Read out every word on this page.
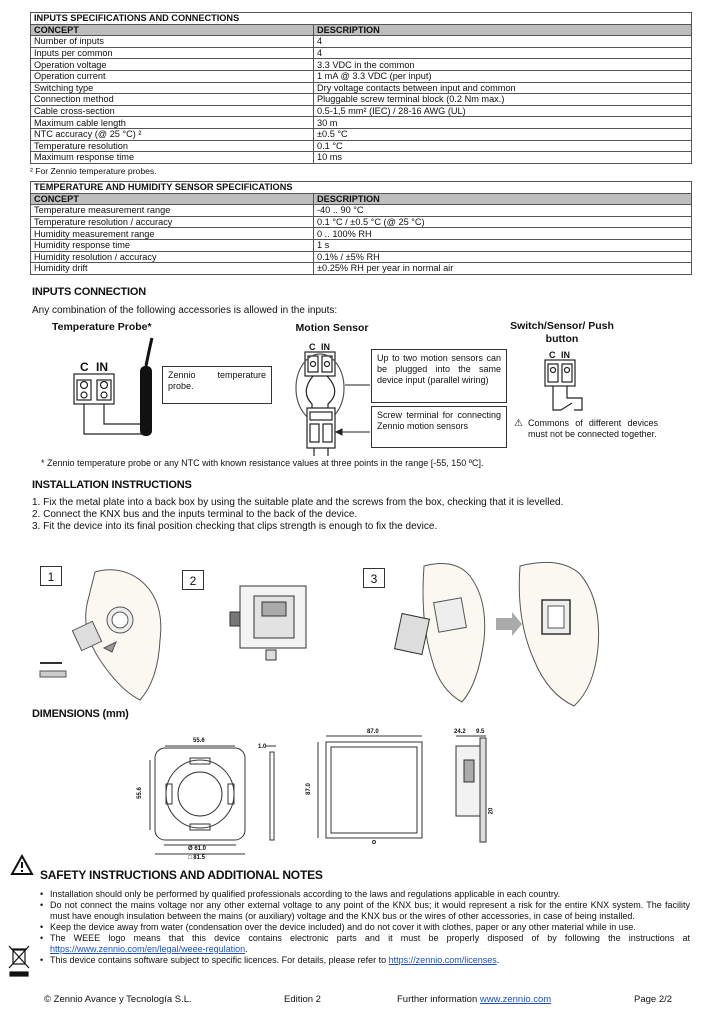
INPUTS SPECIFICATIONS AND CONNECTIONS	
CONCEPT	DESCRIPTION
Number of inputs	4
Inputs per common	4
Operation voltage	3.3 VDC in the common
Operation current	1 mA @ 3.3 VDC (per input)
Switching type	Dry voltage contacts between input and common
Connection method	Pluggable screw terminal block (0.2 Nm max.)
Cable cross-section	0.5-1,5 mm² (IEC) / 28-16 AWG (UL)
Maximum cable length	30 m
NTC accuracy (@ 25 °C) ²	±0.5 °C
Temperature resolution	0.1 °C
Maximum response time	10 ms
² For Zennio temperature probes.
TEMPERATURE AND HUMIDITY SENSOR SPECIFICATIONS	
CONCEPT	DESCRIPTION
Temperature measurement range	-40 .. 90 °C
Temperature resolution / accuracy	0.1 °C / ±0.5 °C (@ 25 °C)
Humidity measurement range	0 .. 100% RH
Humidity response time	1 s
Humidity resolution / accuracy	0.1% / ±5% RH
Humidity drift	±0.25% RH per year in normal air
INPUTS CONNECTION
Any combination of the following accessories is allowed in the inputs:
Temperature Probe*	Motion Sensor	Switch/Sensor/ Push
button
C IN
C IN
C IN
Zennio temperature probe.
Up to two motion sensors can be plugged into the same device input (parallel wiring)
Screw terminal for connecting Zennio motion sensors	⚠ Commons of different devices must not be connected together.
* Zennio temperature probe or any NTC with known resistance values at three points in the range [-55, 150 ºC].
INSTALLATION INSTRUCTIONS
1. Fix the metal plate into a back box by using the suitable plate and the screws from the box, checking that it is levelled.
2. Connect the KNX bus and the inputs terminal to the back of the device.
3. Fit the device into its final position checking that clips strength is enough to fix the device.
1	2	3
DIMENSIONS (mm)
55.6
55.6
1.0
Ø 61.0
□ 81.5
87.0
87.0
24.2 9.5
20
SAFETY INSTRUCTIONS AND ADDITIONAL NOTES
• Installation should only be performed by qualified professionals according to the laws and regulations applicable in each country.
• Do not connect the mains voltage nor any other external voltage to any point of the KNX bus; it would represent a risk for the entire KNX system. The facility must have enough insulation between the mains (or auxiliary) voltage and the KNX bus or the wires of other accessories, in case of being installed.
• Keep the device away from water (condensation over the device included) and do not cover it with clothes, paper or any other material while in use.
• The WEEE logo means that this device contains electronic parts and it must be properly disposed of by following the instructions at https://www.zennio.com/en/legal/weee-regulation.
• This device contains software subject to specific licences. For details, please refer to https://zennio.com/licenses.
© Zennio Avance y Tecnología S.L.	Edition 2	Further information www.zennio.com	Page 2/2
